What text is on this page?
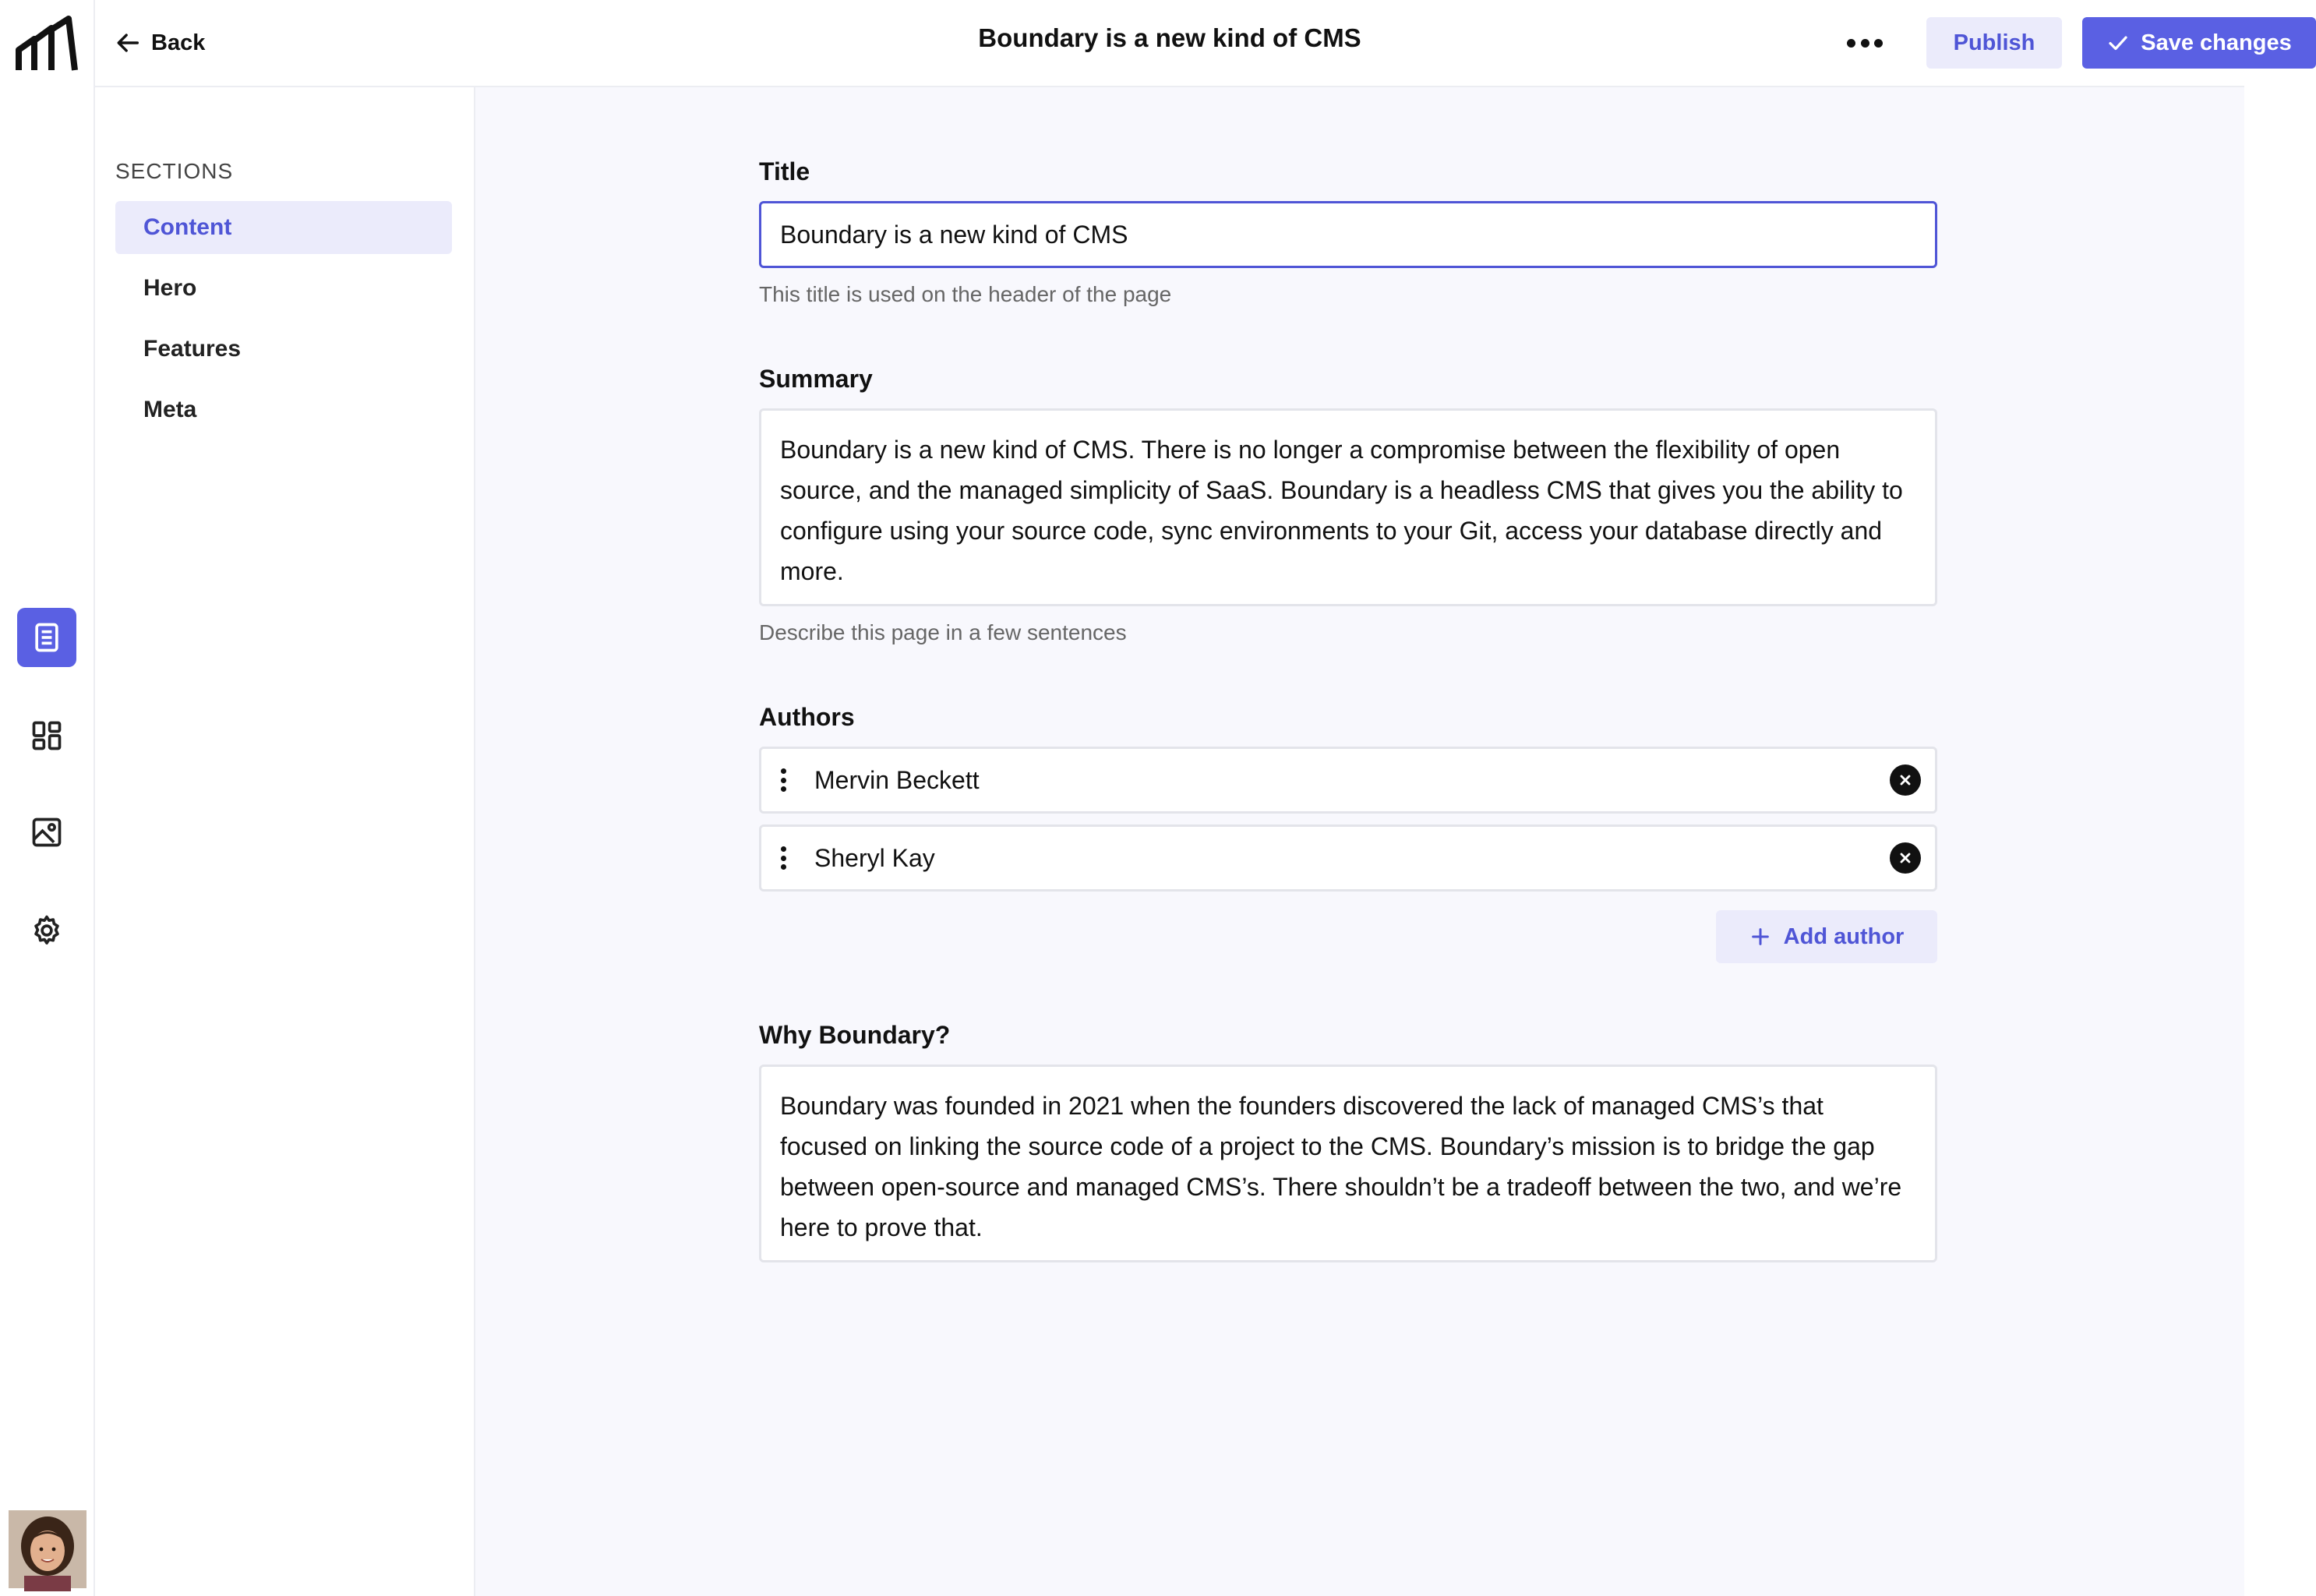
Back	Boundary is a new kind of CMS	Publish	Save changes
SECTIONS
Content
Hero
Features
Meta
Title
Boundary is a new kind of CMS
This title is used on the header of the page
Summary
Boundary is a new kind of CMS. There is no longer a compromise between the flexibility of open source, and the managed simplicity of SaaS. Boundary is a headless CMS that gives you the ability to configure using your source code, sync environments to your Git, access your database directly and more.
Describe this page in a few sentences
Authors
Mervin Beckett
Sheryl Kay
Add author
Why Boundary?
Boundary was founded in 2021 when the founders discovered the lack of managed CMS’s that focused on linking the source code of a project to the CMS. Boundary’s mission is to bridge the gap between open-source and managed CMS’s. There shouldn’t be a tradeoff between the two, and we’re here to prove that.
